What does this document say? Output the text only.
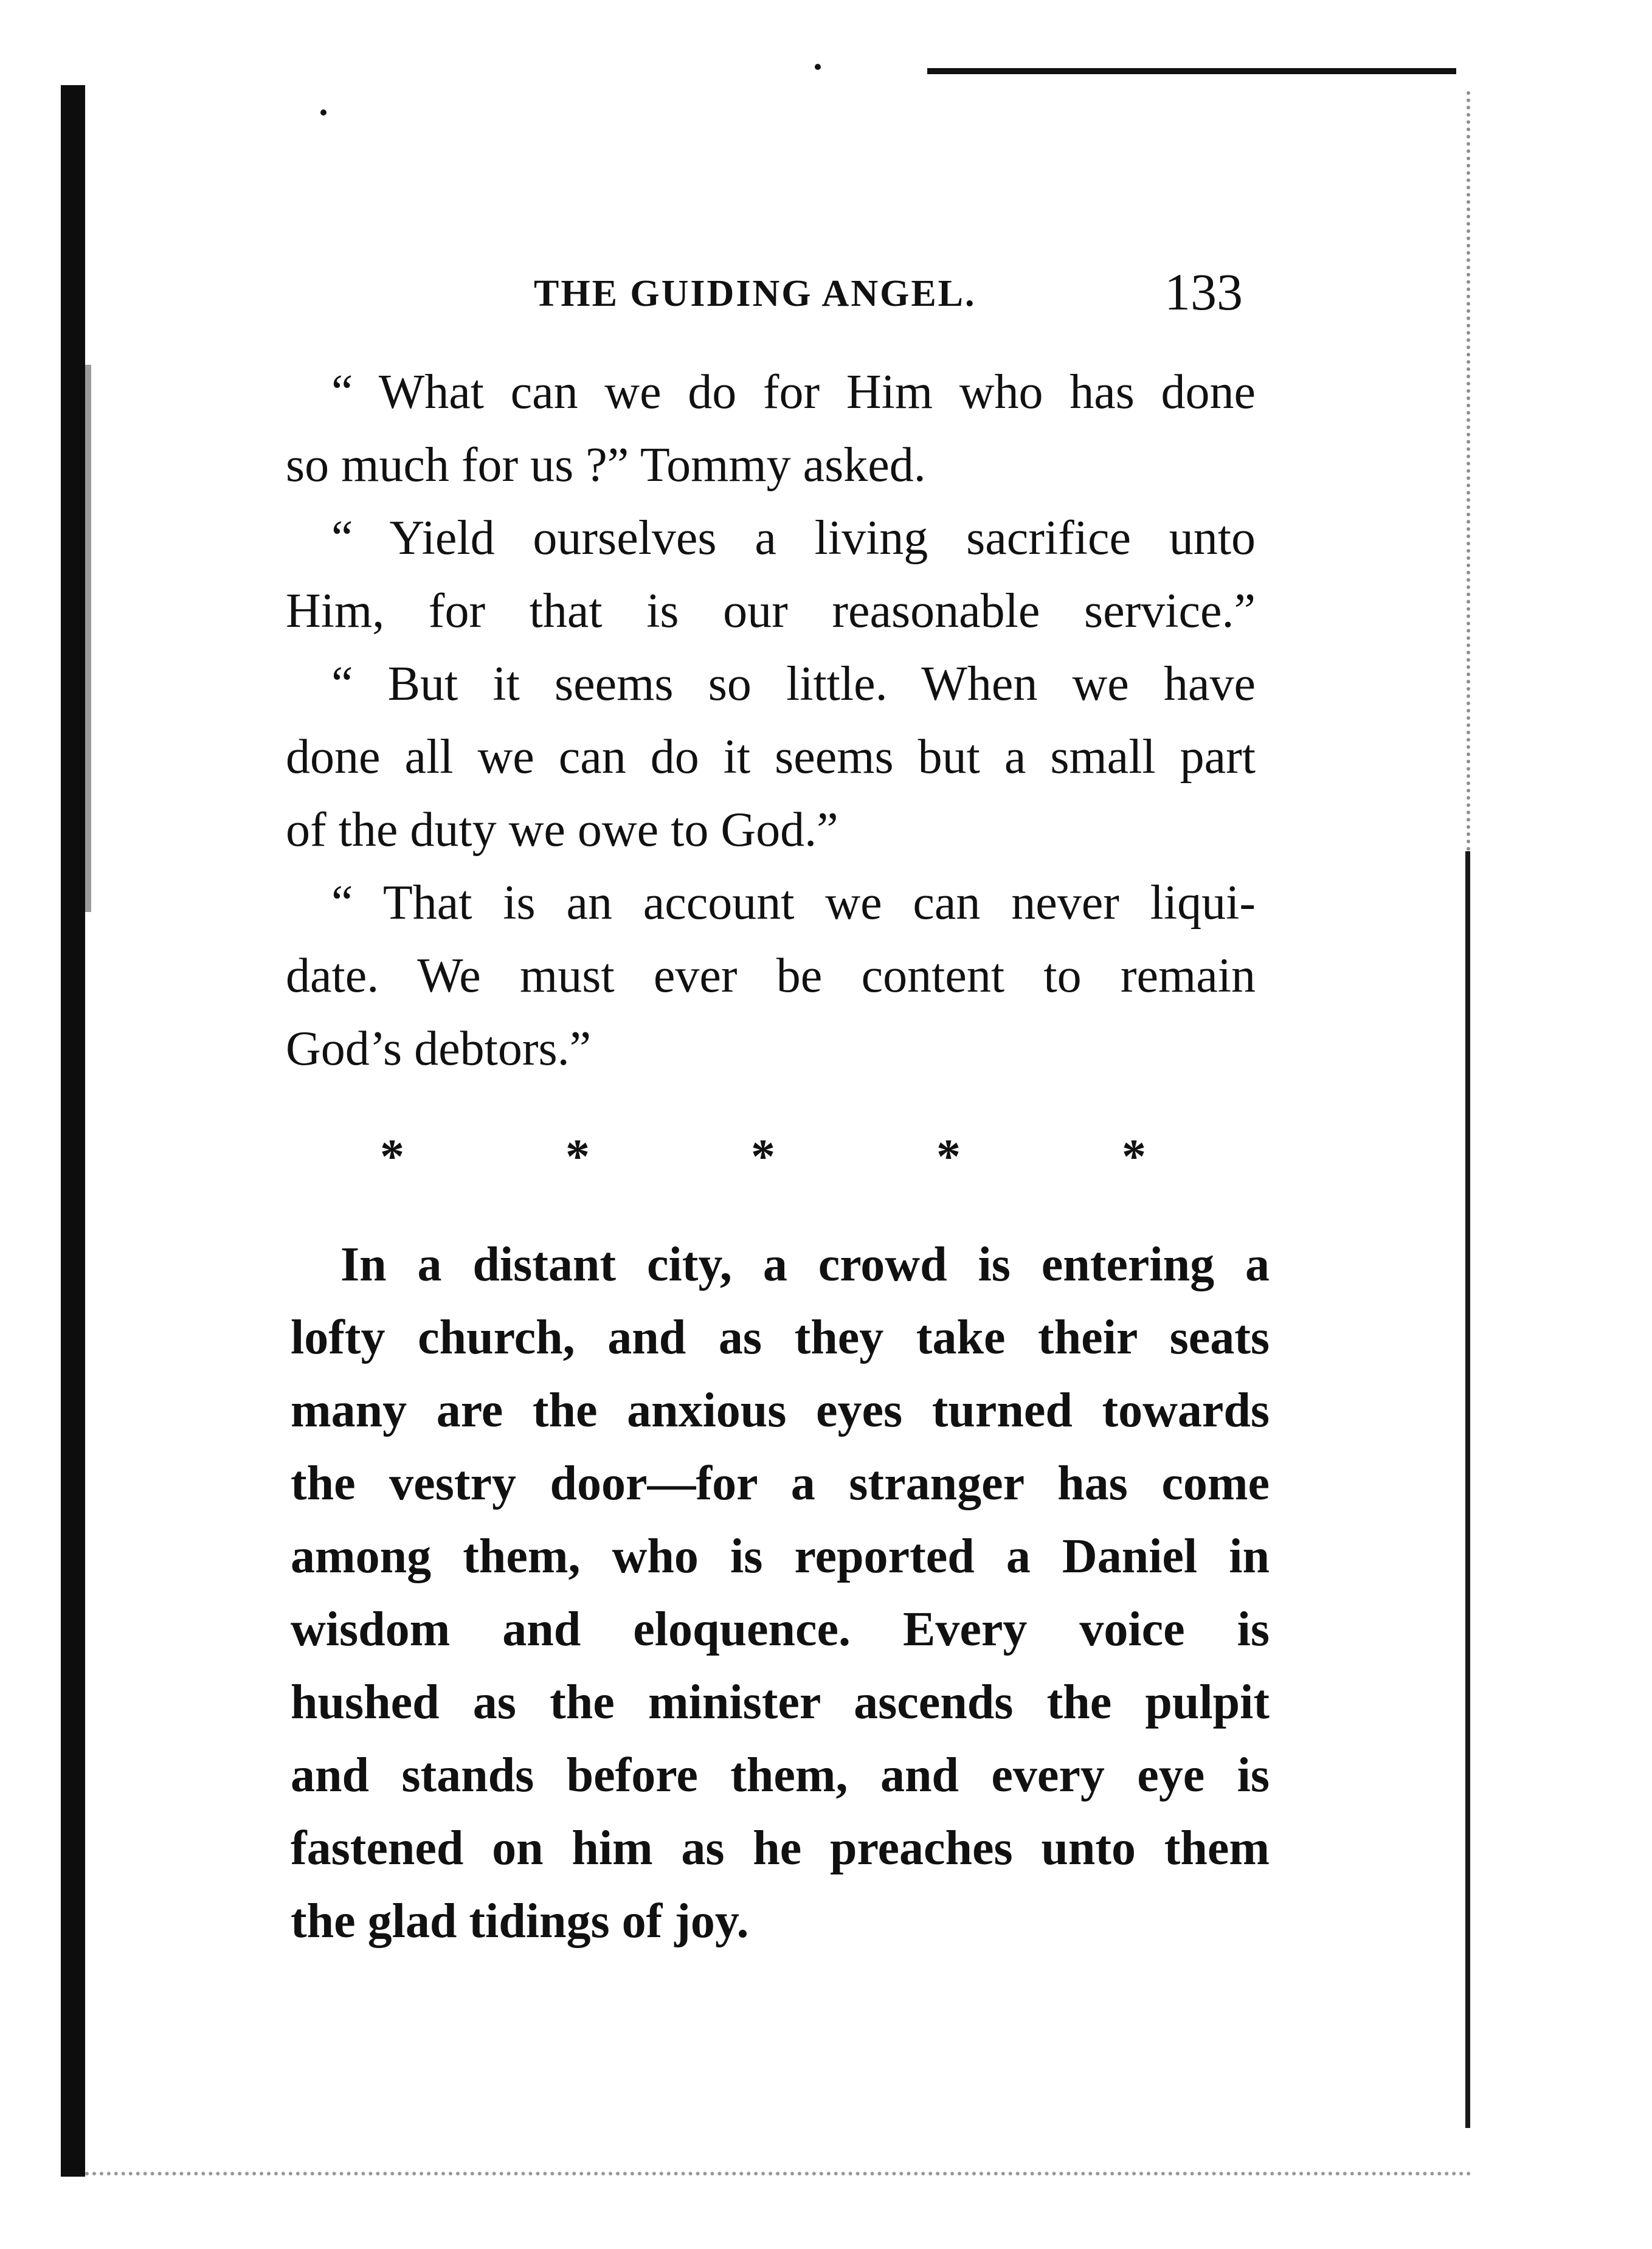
THE GUIDING ANGEL.	133
“ What can we do for Him who has done
so much for us ?” Tommy asked.
“ Yield ourselves a living sacrifice unto
Him, for that is our reasonable service.”
“ But it seems so little. When we have
done all we can do it seems but a small part
of the duty we owe to God.”
“ That is an account we can never liqui-
date. We must ever be content to remain
God’s debtors.”
*	*	*	*	*
In a distant city, a crowd is entering a
lofty church, and as they take their seats
many are the anxious eyes turned towards
the vestry door—for a stranger has come
among them, who is reported a Daniel in
wisdom and eloquence. Every voice is
hushed as the minister ascends the pulpit
and stands before them, and every eye is
fastened on him as he preaches unto them
the glad tidings of joy.
